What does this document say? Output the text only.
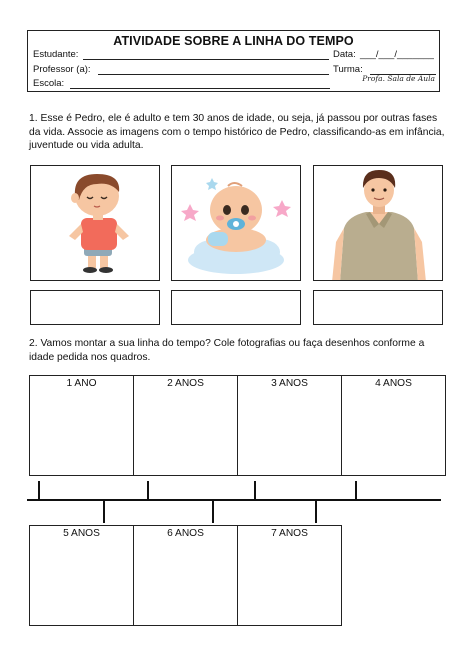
ATIVIDADE SOBRE A LINHA DO TEMPO
Estudante:	Data: ___/___/_______
Professor (a):	Turma:
Escola:	Profa. Sala de Aula
1. Esse é Pedro, ele é adulto e tem 30 anos de idade, ou seja, já passou por outras fases da vida. Associe as imagens com o tempo histórico de Pedro, classificando-as em infância, juventude ou vida adulta.
2. Vamos montar a sua linha do tempo? Cole fotografias ou faça desenhos conforme a idade pedida nos quadros.
1 ANO	2 ANOS	3 ANOS	4 ANOS
5 ANOS	6 ANOS	7 ANOS
